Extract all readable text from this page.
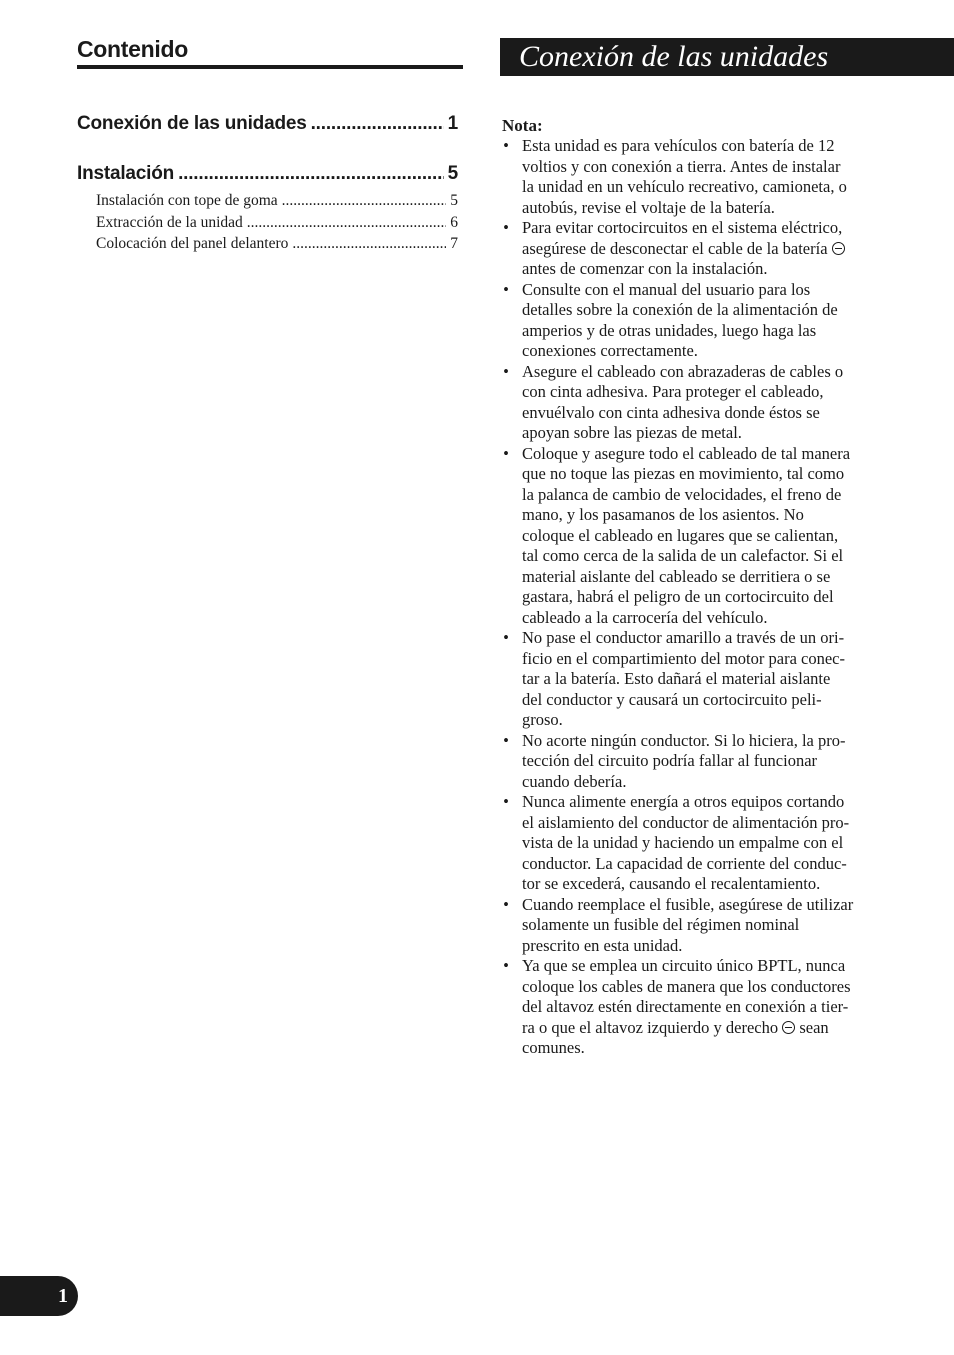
Contenido	Conexión de las unidades
Conexión de las unidades .....	1
Instalación .....	5
Instalación con tope de goma .....	5
Extracción de la unidad .....	6
Colocación del panel delantero .....	7
Nota:
• Esta unidad es para vehículos con batería de 12
voltios y con conexión a tierra. Antes de instalar
la unidad en un vehículo recreativo, camioneta, o
autobús, revise el voltaje de la batería.
• Para evitar cortocircuitos en el sistema eléctrico,
asegúrese de desconectar el cable de la batería
antes de comenzar con la instalación.
• Consulte con el manual del usuario para los
detalles sobre la conexión de la alimentación de
amperios y de otras unidades, luego haga las
conexiones correctamente.
• Asegure el cableado con abrazaderas de cables o
con cinta adhesiva. Para proteger el cableado,
envuélvalo con cinta adhesiva donde éstos se
apoyan sobre las piezas de metal.
• Coloque y asegure todo el cableado de tal manera
que no toque las piezas en movimiento, tal como
la palanca de cambio de velocidades, el freno de
mano, y los pasamanos de los asientos. No
coloque el cableado en lugares que se calientan,
tal como cerca de la salida de un calefactor. Si el
material aislante del cableado se derritiera o se
gastara, habrá el peligro de un cortocircuito del
cableado a la carrocería del vehículo.
• No pase el conductor amarillo a través de un ori-
ficio en el compartimiento del motor para conec-
tar a la batería. Esto dañará el material aislante
del conductor y causará un cortocircuito peli-
groso.
• No acorte ningún conductor. Si lo hiciera, la pro-
tección del circuito podría fallar al funcionar
cuando debería.
• Nunca alimente energía a otros equipos cortando
el aislamiento del conductor de alimentación pro-
vista de la unidad y haciendo un empalme con el
conductor. La capacidad de corriente del conduc-
tor se excederá, causando el recalentamiento.
• Cuando reemplace el fusible, asegúrese de utilizar
solamente un fusible del régimen nominal
prescrito en esta unidad.
• Ya que se emplea un circuito único BPTL, nunca
coloque los cables de manera que los conductores
del altavoz estén directamente en conexión a tier-
ra o que el altavoz izquierdo y derecho sean
comunes.
1
